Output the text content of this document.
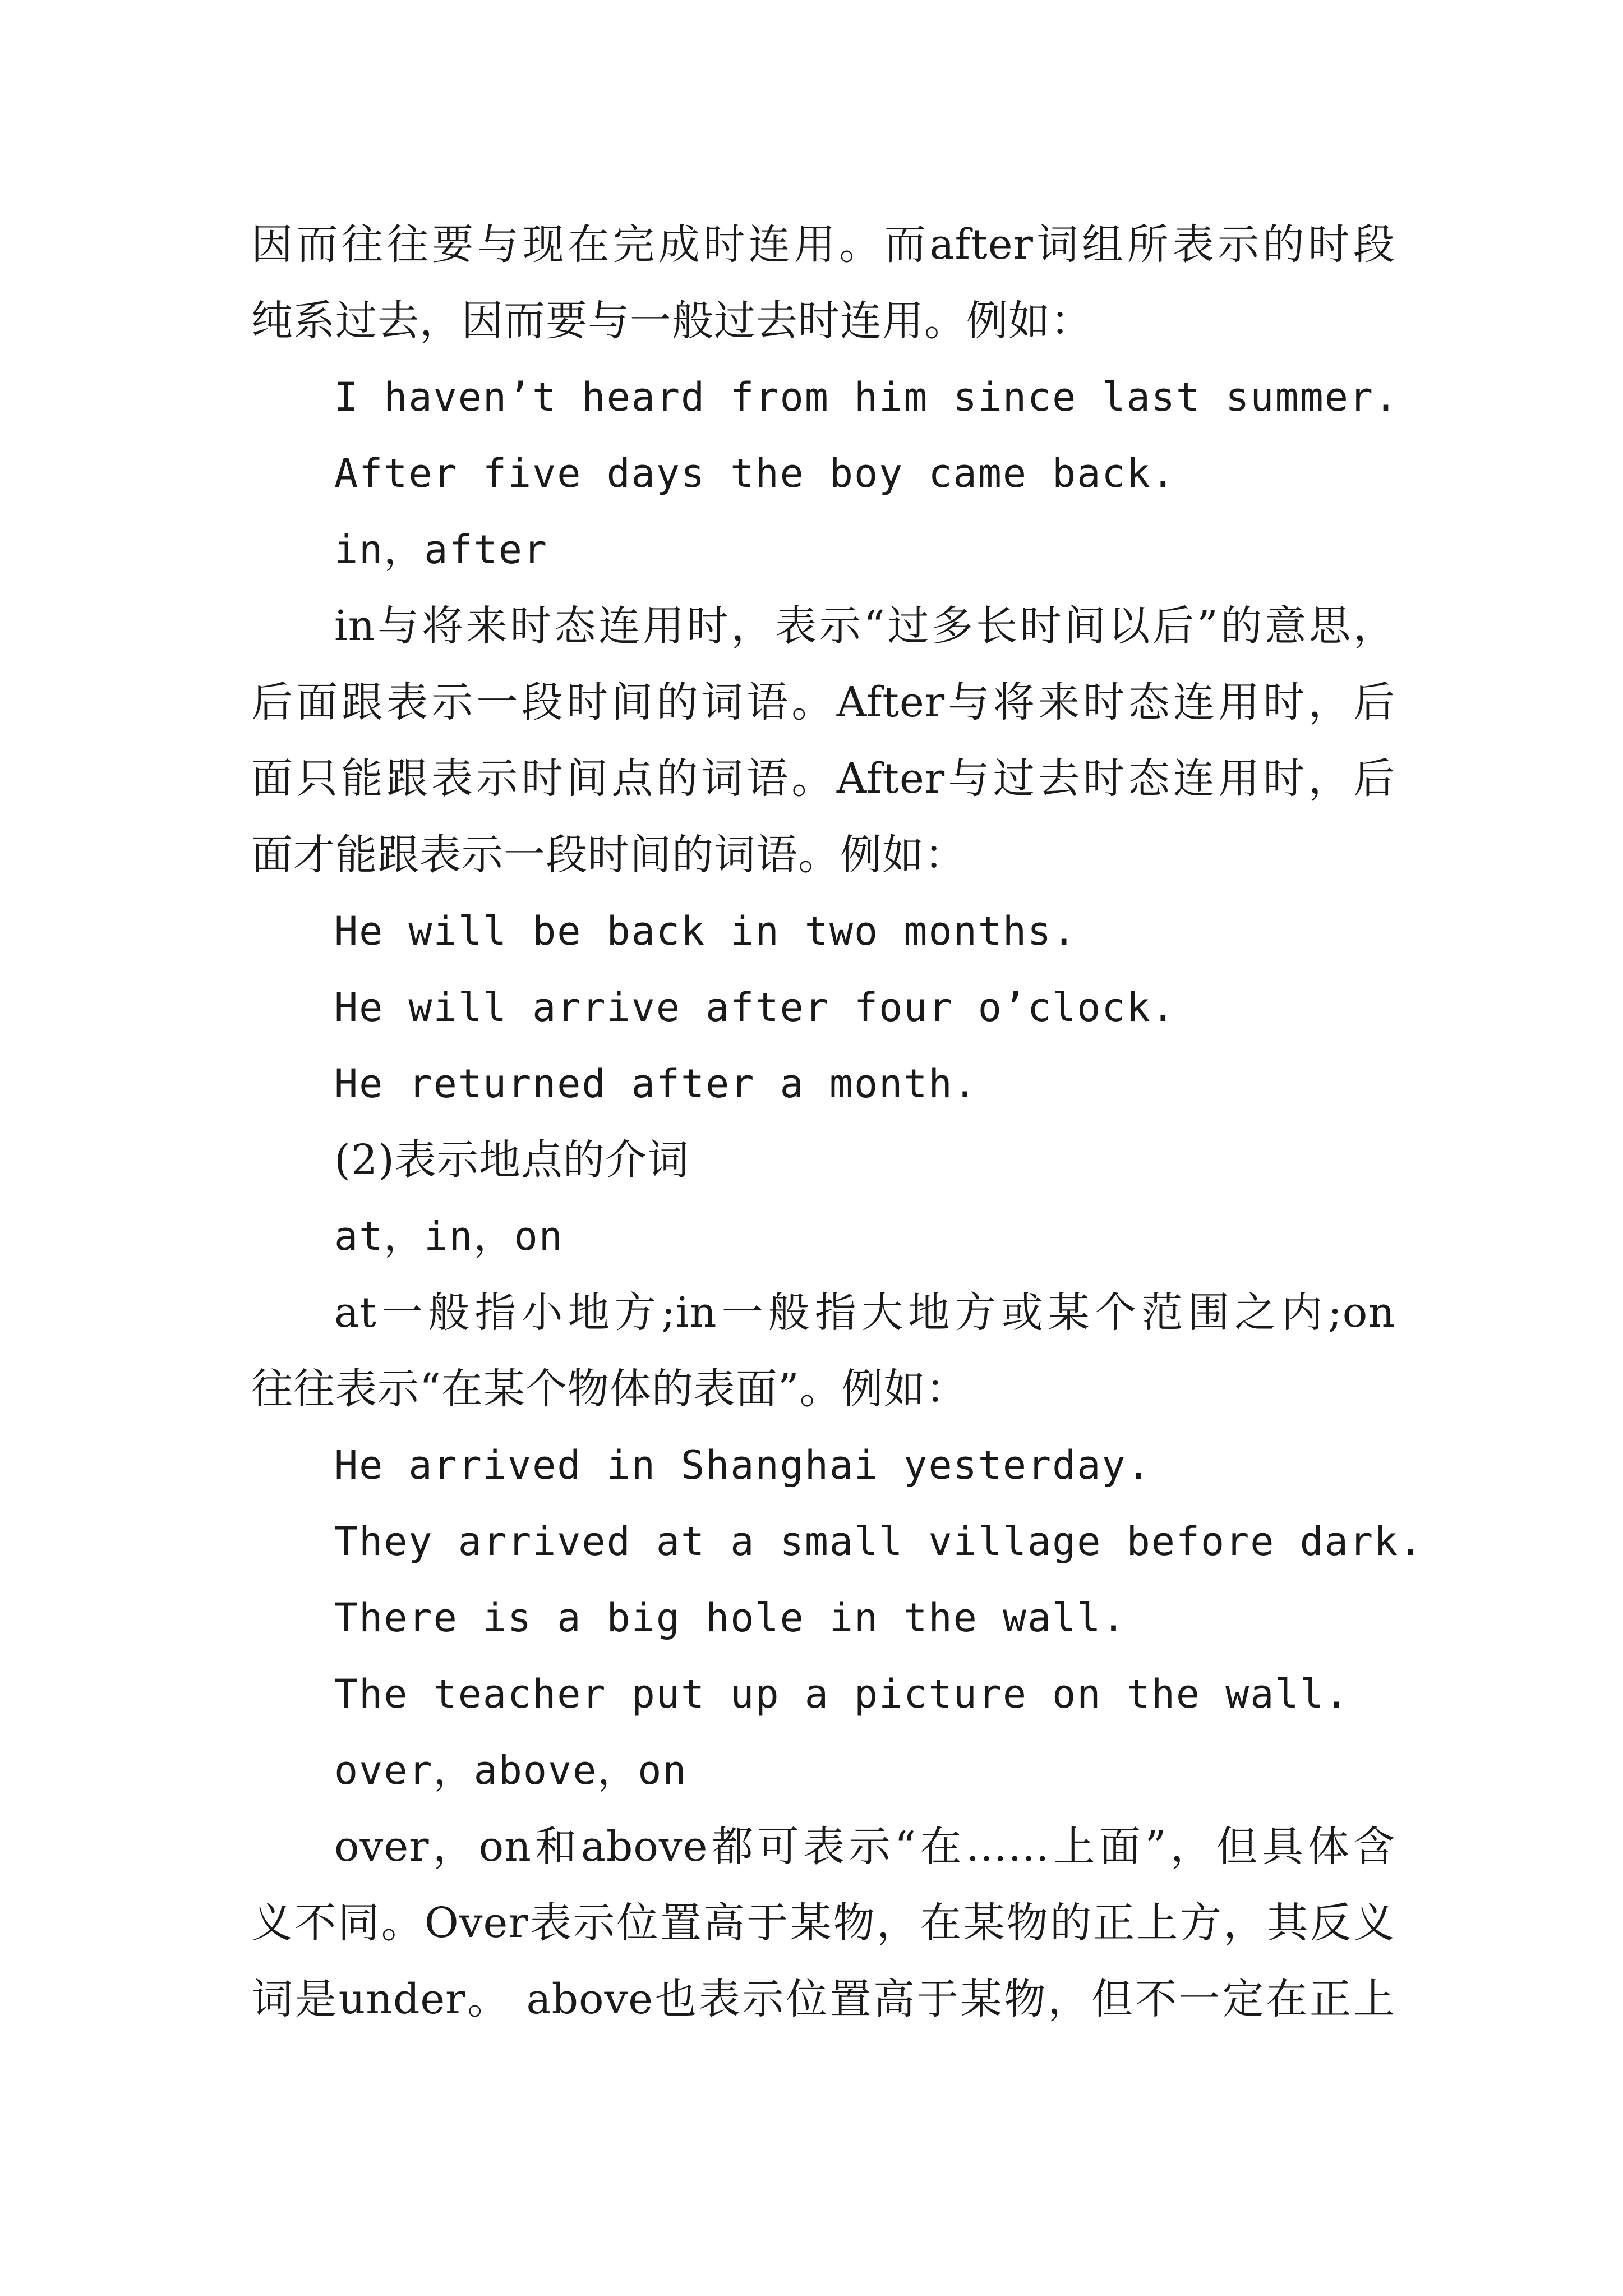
因而往往要与现在完成时连用。而after词组所表示的时段
纯系过去，因而要与一般过去时连用。例如：
I haven’t heard from him since last summer.
After five days the boy came back.
in，after
in与将来时态连用时，表示“过多长时间以后”的意思，
后面跟表示一段时间的词语。After与将来时态连用时，后
面只能跟表示时间点的词语。After与过去时态连用时，后
面才能跟表示一段时间的词语。例如：
He will be back in two months.
He will arrive after four o’clock.
He returned after a month.
(2)表示地点的介词
at，in，on
at一般指小地方;in一般指大地方或某个范围之内;on
往往表示“在某个物体的表面”。例如：
He arrived in Shanghai yesterday.
They arrived at a small village before dark.
There is a big hole in the wall.
The teacher put up a picture on the wall.
over，above，on
over，on和above都可表示“在……上面”，但具体含
义不同。Over表示位置高于某物，在某物的正上方，其反义
词是under。 above也表示位置高于某物，但不一定在正上
